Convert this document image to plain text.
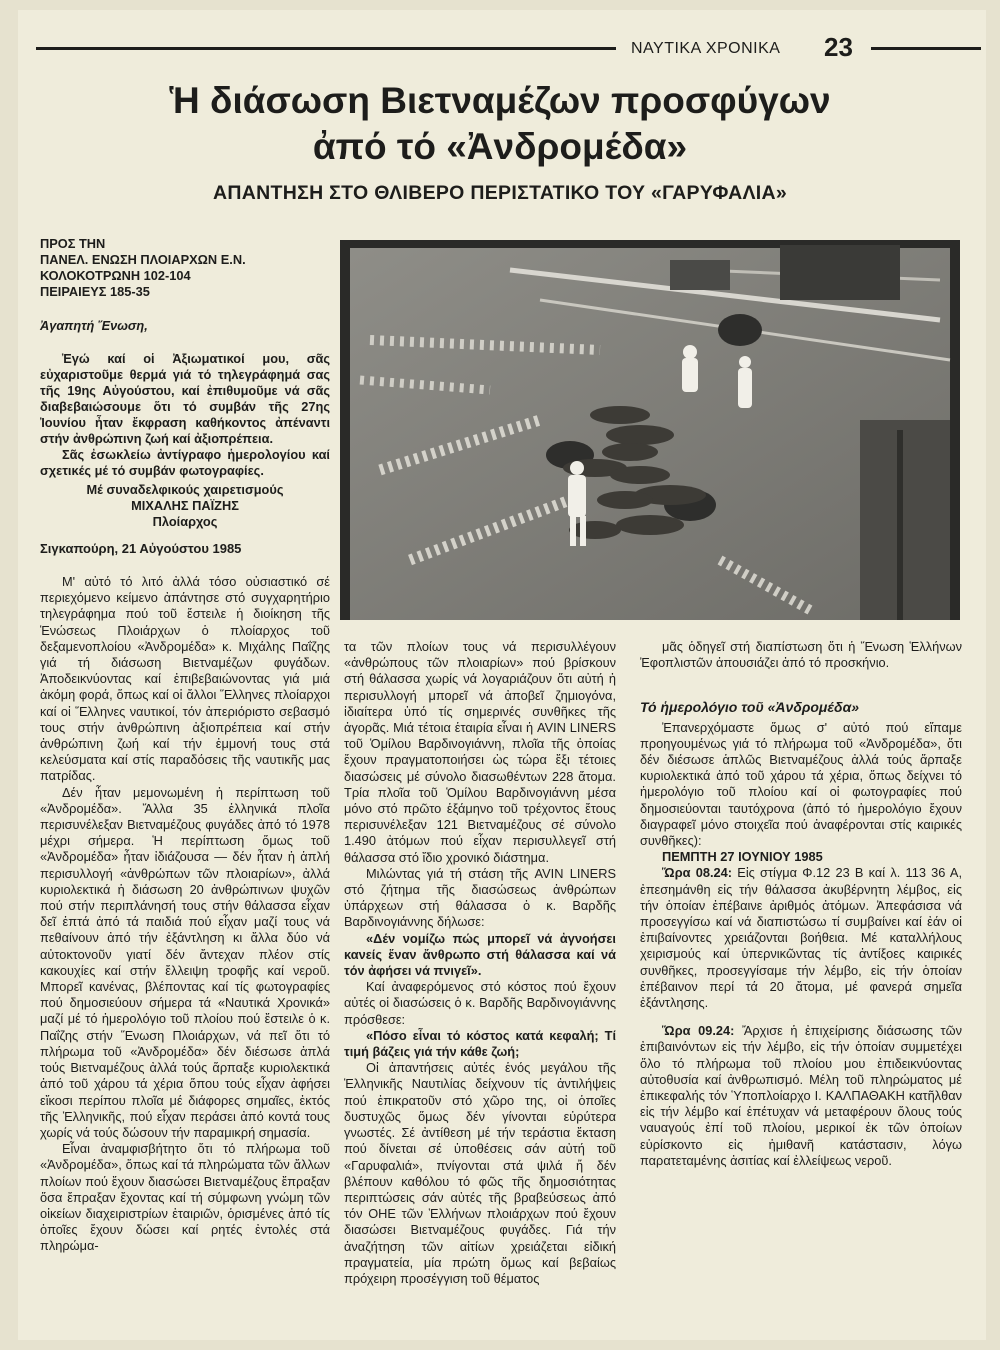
ΝΑΥΤΙΚΑ ΧΡΟΝΙΚΑ 23
Ἡ διάσωση Βιετναμέζων προσφύγων
ἀπό τό «Ἀνδρομέδα»
ΑΠΑΝΤΗΣΗ ΣΤΟ ΘΛΙΒΕΡΟ ΠΕΡΙΣΤΑΤΙΚΟ ΤΟΥ «ΓΑΡΥΦΑΛΙΑ»
ΠΡΟΣ ΤΗΝ
ΠΑΝΕΛ. ΕΝΩΣΗ ΠΛΟΙΑΡΧΩΝ Ε.Ν.
ΚΟΛΟΚΟΤΡΩΝΗ 102-104
ΠΕΙΡΑΙΕΥΣ 185-35
Ἀγαπητή Ἕνωση,

Ἐγώ καί οἱ Ἀξιωματικοί μου, σᾶς εὐχαριστοῦμε θερμά γιά τό τηλεγράφημά σας τῆς 19ης Αὐγούστου, καί ἐπιθυμοῦμε νά σᾶς διαβεβαιώσουμε ὅτι τό συμβάν τῆς 27ης Ἰουνίου ἦταν ἔκφραση καθήκοντος ἀπέναντι στήν ἀνθρώπινη ζωή καί ἀξιοπρέπεια.

Σᾶς ἐσωκλείω ἀντίγραφο ἡμερολογίου καί σχετικές μέ τό συμβάν φωτογραφίες.

Μέ συναδελφικούς χαιρετισμούς
ΜΙΧΑΛΗΣ ΠΑΪΖΗΣ
Πλοίαρχος
Σιγκαπούρη, 21 Αὐγούστου 1985

Μ' αὐτό τό λιτό ἀλλά τόσο οὐσιαστικό σέ περιεχόμενο κείμενο ἀπάντησε στό συγχαρητήριο τηλεγράφημα πού τοῦ ἔστειλε ἡ διοίκηση τῆς Ἑνώσεως Πλοιάρχων ὁ πλοίαρχος τοῦ δεξαμενοπλοίου «Ἀνδρομέδα» κ. Μιχάλης Παΐζης γιά τή διάσωση Βιετναμέζων φυγάδων. Ἀποδεικνύοντας καί ἐπιβεβαιώνοντας γιά μιά ἀκόμη φορά, ὅπως καί οἱ ἄλλοι Ἕλληνες πλοίαρχοι καί οἱ Ἕλληνες ναυτικοί, τόν ἀπεριόριστο σεβασμό τους στήν ἀνθρώπινη ἀξιοπρέπεια καί στήν ἀνθρώπινη ζωή καί τήν ἐμμονή τους στά κελεύσματα καί στίς παραδόσεις τῆς ναυτικῆς μας πατρίδας.

Δέν ἦταν μεμονωμένη ἡ περίπτωση τοῦ «Ἀνδρομέδα». Ἄλλα 35 ἑλληνικά πλοῖα περισυνέλεξαν Βιετναμέζους φυγάδες ἀπό τό 1978 μέχρι σήμερα. Ἡ περίπτωση ὅμως τοῦ «Ἀνδρομέδα» ἦταν ἰδιάζουσα — δέν ἦταν ἡ ἁπλή περισυλλογή «ἀνθρώπων τῶν πλοιαρίων», ἀλλά κυριολεκτικά ἡ διάσωση 20 ἀνθρώπινων ψυχῶν πού στήν περιπλάνησή τους στήν θάλασσα εἶχαν δεῖ ἑπτά ἀπό τά παιδιά πού εἶχαν μαζί τους νά πεθαίνουν ἀπό τήν ἐξάντληση κι ἄλλα δύο νά αὐτοκτονοῦν γιατί δέν ἄντεχαν πλέον στίς κακουχίες καί στήν ἔλλειψη τροφῆς καί νεροῦ. Μπορεῖ κανένας, βλέποντας καί τίς φωτογραφίες πού δημοσιεύουν σήμερα τά «Ναυτικά Χρονικά» μαζί μέ τό ἡμερολόγιο τοῦ πλοίου πού ἔστειλε ὁ κ. Παΐζης στήν Ἕνωση Πλοιάρχων, νά πεῖ ὅτι τό πλήρωμα τοῦ «Ἀνδρομέδα» δέν διέσωσε ἁπλά τούς Βιετναμέζους ἀλλά τούς ἅρπαξε κυριολεκτικά ἀπό τοῦ χάρου τά χέρια ὅπου τούς εἶχαν ἀφήσει εἴκοσι περίπου πλοῖα μέ διάφορες σημαῖες, ἐκτός τῆς Ἑλληνικῆς, πού εἶχαν περάσει ἀπό κοντά τους χωρίς νά τούς δώσουν τήν παραμικρή σημασία.

Εἶναι ἀναμφισβήτητο ὅτι τό πλήρωμα τοῦ «Ἀνδρομέδα», ὅπως καί τά πληρώματα τῶν ἄλλων πλοίων πού ἔχουν διασώσει Βιετναμέζους ἔπραξαν ὅσα ἔπραξαν ἔχοντας καί τή σύμφωνη γνώμη τῶν οἰκείων διαχειριστρίων ἑταιριῶν, ὁρισμένες ἀπό τίς ὁποῖες ἔχουν δώσει καί ρητές ἐντολές στά πληρώμα-

τα τῶν πλοίων τους νά περισυλλέγουν «ἀνθρώπους τῶν πλοιαρίων» πού βρίσκουν στή θάλασσα χωρίς νά λογαριάζουν ὅτι αὐτή ἡ περισυλλογή μπορεῖ νά ἀποβεῖ ζημιογόνα, ἰδιαίτερα ὑπό τίς σημερινές συνθῆκες τῆς ἀγορᾶς. Μιά τέτοια ἑταιρία εἶναι ἡ AVIN LINERS τοῦ Ὁμίλου Βαρδινογιάννη, πλοῖα τῆς ὁποίας ἔχουν πραγματοποιήσει ὡς τώρα ἕξι τέτοιες διασώσεις μέ σύνολο διασωθέντων 228 ἄτομα. Τρία πλοῖα τοῦ Ὁμίλου Βαρδινογιάννη μέσα μόνο στό πρῶτο ἑξάμηνο τοῦ τρέχοντος ἔτους περισυνέλεξαν 121 Βιετναμέζους σέ σύνολο 1.490 ἀτόμων πού εἶχαν περισυλλεγεῖ στή θάλασσα στό ἴδιο χρονικό διάστημα.

Μιλώντας γιά τή στάση τῆς AVIN LINERS στό ζήτημα τῆς διασώσεως ἀνθρώπων ὑπάρχεων στή θάλασσα ὁ κ. Βαρδῆς Βαρδινογιάννης δήλωσε:

«Δέν νομίζω πώς μπορεῖ νά ἀγνοήσει κανείς ἕναν ἄνθρωπο στή θάλασσα καί νά τόν ἀφήσει νά πνιγεῖ».

Καί ἀναφερόμενος στό κόστος πού ἔχουν αὐτές οἱ διασώσεις ὁ κ. Βαρδῆς Βαρδινογιάννης πρόσθεσε:

«Πόσο εἶναι τό κόστος κατά κεφαλή; Τί τιμή βάζεις γιά τήν κάθε ζωή;

Οἱ ἀπαντήσεις αὐτές ἑνός μεγάλου τῆς Ἑλληνικῆς Ναυτιλίας δείχνουν τίς ἀντιλήψεις πού ἐπικρατοῦν στό χῶρο της, οἱ ὁποῖες δυστυχῶς ὅμως δέν γίνονται εὐρύτερα γνωστές. Σέ ἀντίθεση μέ τήν τεράστια ἔκταση πού δίνεται σέ ὑποθέσεις σάν αὐτή τοῦ «Γαρυφαλιά», πνίγονται στά ψιλά ἤ δέν βλέπουν καθόλου τό φῶς τῆς δημοσιότητας περιπτώσεις σάν αὐτές τῆς βραβεύσεως ἀπό τόν ΟΗΕ τῶν Ἑλλήνων πλοιάρχων πού ἔχουν διασώσει Βιετναμέζους φυγάδες. Γιά τήν ἀναζήτηση τῶν αἰτίων χρειάζεται εἰδική πραγματεία, μία πρώτη ὅμως καί βεβαίως πρόχειρη προσέγγιση τοῦ θέματος

μᾶς ὁδηγεῖ στή διαπίστωση ὅτι ἡ Ἕνωση Ἑλλήνων Ἐφοπλιστῶν ἀπουσιάζει ἀπό τό προσκήνιο.

Τό ἡμερολόγιο τοῦ «Ἀνδρομέδα»

Ἐπανερχόμαστε ὅμως σ' αὐτό πού εἴπαμε προηγουμένως γιά τό πλήρωμα τοῦ «Ἀνδρομέδα», ὅτι δέν διέσωσε ἁπλῶς Βιετναμέζους ἀλλά τούς ἅρπαξε κυριολεκτικά ἀπό τοῦ χάρου τά χέρια, ὅπως δείχνει τό ἡμερολόγιο τοῦ πλοίου καί οἱ φωτογραφίες πού δημοσιεύονται ταυτόχρονα (ἀπό τό ἡμερολόγιο ἔχουν διαγραφεῖ μόνο στοιχεῖα πού ἀναφέρονται στίς καιρικές συνθῆκες):

ΠΕΜΠΤΗ 27 ΙΟΥΝΙΟΥ 1985

Ὥρα 08.24: Εἰς στίγμα Φ.12 23 Β καί λ. 113 36 Α, ἐπεσημάνθη εἰς τήν θάλασσα ἀκυβέρνητη λέμβος, εἰς τήν ὁποίαν ἐπέβαινε ἀριθμός ἀτόμων. Ἀπεφάσισα νά προσεγγίσω καί νά διαπιστώσω τί συμβαίνει καί ἐάν οἱ ἐπιβαίνοντες χρειάζονται βοήθεια. Μέ καταλλήλους χειρισμούς καί ὑπερνικῶντας τίς ἀντίξοες καιρικές συνθῆκες, προσεγγίσαμε τήν λέμβο, εἰς τήν ὁποίαν ἐπέβαινον περί τά 20 ἄτομα, μέ φανερά σημεῖα ἐξάντλησης.

Ὥρα 09.24: Ἄρχισε ἡ ἐπιχείρισης διάσωσης τῶν ἐπιβαινόντων εἰς τήν λέμβο, εἰς τήν ὁποίαν συμμετέχει ὅλο τό πλήρωμα τοῦ πλοίου μου ἐπιδεικνύοντας αὐτοθυσία καί ἀνθρωπισμό. Μέλη τοῦ πληρώματος μέ ἐπικεφαλής τόν Ὑποπλοίαρχο Ι. ΚΑΛΠΑΘΑΚΗ κατῆλθαν εἰς τήν λέμβο καί ἐπέτυχαν νά μεταφέρουν ὅλους τούς ναυαγούς ἐπί τοῦ πλοίου, μερικοί ἐκ τῶν ὁποίων εὑρίσκοντο εἰς ἡμιθανῆ κατάστασιν, λόγω παρατεταμένης ἀσιτίας καί ἐλλείψεως νεροῦ.
